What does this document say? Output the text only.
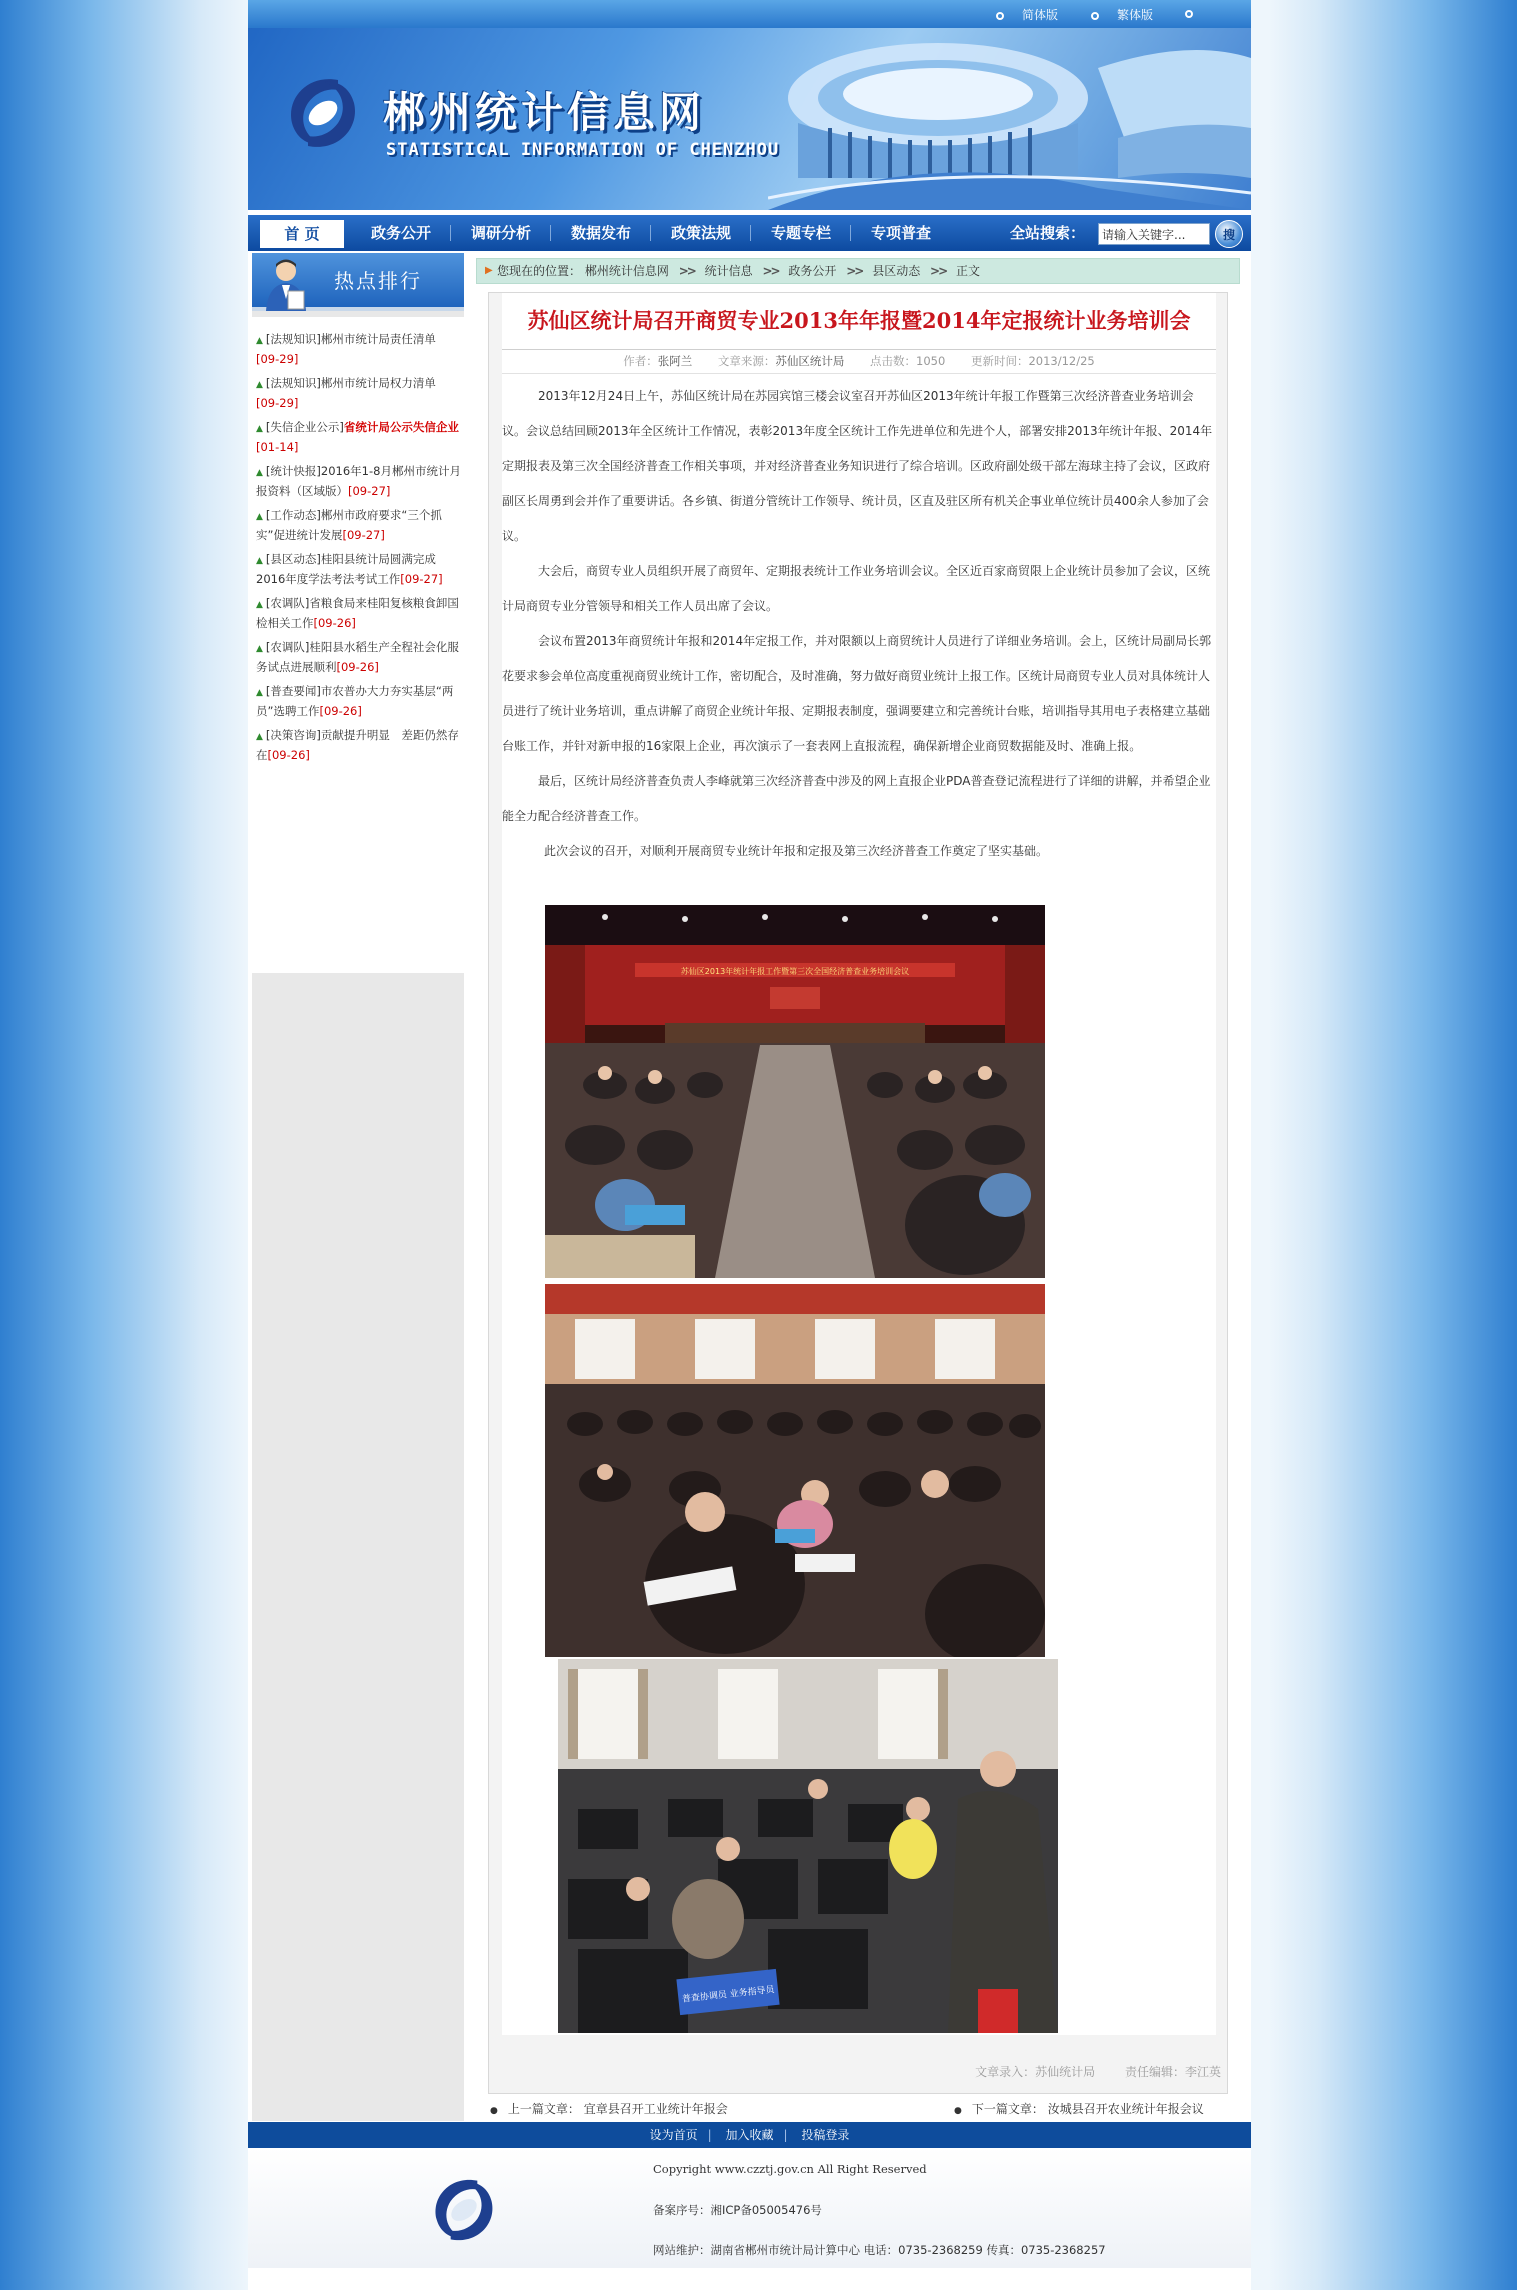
简体版	繁体版
郴州统计信息网
STATISTICAL INFORMATION OF CHENZHOU
首 页	政务公开	调研分析	数据发布	政策法规	专题专栏	专项普查	全站搜索：
请输入关键字...	搜
热点排行
▲ [法规知识]郴州市统计局责任清单
[09-29]
▲ [法规知识]郴州市统计局权力清单
[09-29]
▲ [失信企业公示]省统计局公示失信企业[01-14]
▲ [统计快报]2016年1-8月郴州市统计月报资料（区域版）[09-27]
▲ [工作动态]郴州市政府要求“三个抓实”促进统计发展[09-27]
▲ [县区动态]桂阳县统计局圆满完成2016年度学法考法考试工作[09-27]
▲ [农调队]省粮食局来桂阳复核粮食卸国检相关工作[09-26]
▲ [农调队]桂阳县水稻生产全程社会化服务试点进展顺利[09-26]
▲ [普查要闻]市农普办大力夯实基层“两员”选聘工作[09-26]
▲ [决策咨询]贡献提升明显　差距仍然存在[09-26]
▶ 您现在的位置： 郴州统计信息网 >> 统计信息 >> 政务公开 >> 县区动态 >> 正文
苏仙区统计局召开商贸专业2013年年报暨2014年定报统计业务培训会
作者：张阿兰 文章来源：苏仙区统计局 点击数：1050 更新时间：2013/12/25

2013年12月24日上午，苏仙区统计局在苏园宾馆三楼会议室召开苏仙区2013年统计年报工作暨第三次经济普查业务培训会议。会议总结回顾2013年全区统计工作情况，表彰2013年度全区统计工作先进单位和先进个人，部署安排2013年统计年报、2014年定期报表及第三次全国经济普查工作相关事项，并对经济普查业务知识进行了综合培训。区政府副处级干部左海球主持了会议，区政府副区长周勇到会并作了重要讲话。各乡镇、街道分管统计工作领导、统计员，区直及驻区所有机关企事业单位统计员400余人参加了会议。

大会后，商贸专业人员组织开展了商贸年、定期报表统计工作业务培训会议。全区近百家商贸限上企业统计员参加了会议，区统计局商贸专业分管领导和相关工作人员出席了会议。

会议布置2013年商贸统计年报和2014年定报工作，并对限额以上商贸统计人员进行了详细业务培训。会上，区统计局副局长郭花要求参会单位高度重视商贸业统计工作，密切配合，及时准确，努力做好商贸业统计上报工作。区统计局商贸专业人员对具体统计人员进行了统计业务培训，重点讲解了商贸企业统计年报、定期报表制度，强调要建立和完善统计台账，培训指导其用电子表格建立基础台账工作，并针对新申报的16家限上企业，再次演示了一套表网上直报流程，确保新增企业商贸数据能及时、准确上报。

最后，区统计局经济普查负责人李峰就第三次经济普查中涉及的网上直报企业PDA普查登记流程进行了详细的讲解，并希望企业能全力配合经济普查工作。

此次会议的召开，对顺利开展商贸专业统计年报和定报及第三次经济普查工作奠定了坚实基础。

苏仙区2013年统计年报工作暨第三次全国经济普查业务培训会议
普查协调员 业务指导员
文章录入：苏仙统计局 责任编辑：李江英
● 上一篇文章： 宜章县召开工业统计年报会	● 下一篇文章： 汝城县召开农业统计年报会议
设为首页 | 加入收藏 | 投稿登录
Copyright www.czztj.gov.cn All Right Reserved
备案序号：湘ICP备05005476号
网站维护：湖南省郴州市统计局计算中心 电话：0735-2368259 传真：0735-2368257
